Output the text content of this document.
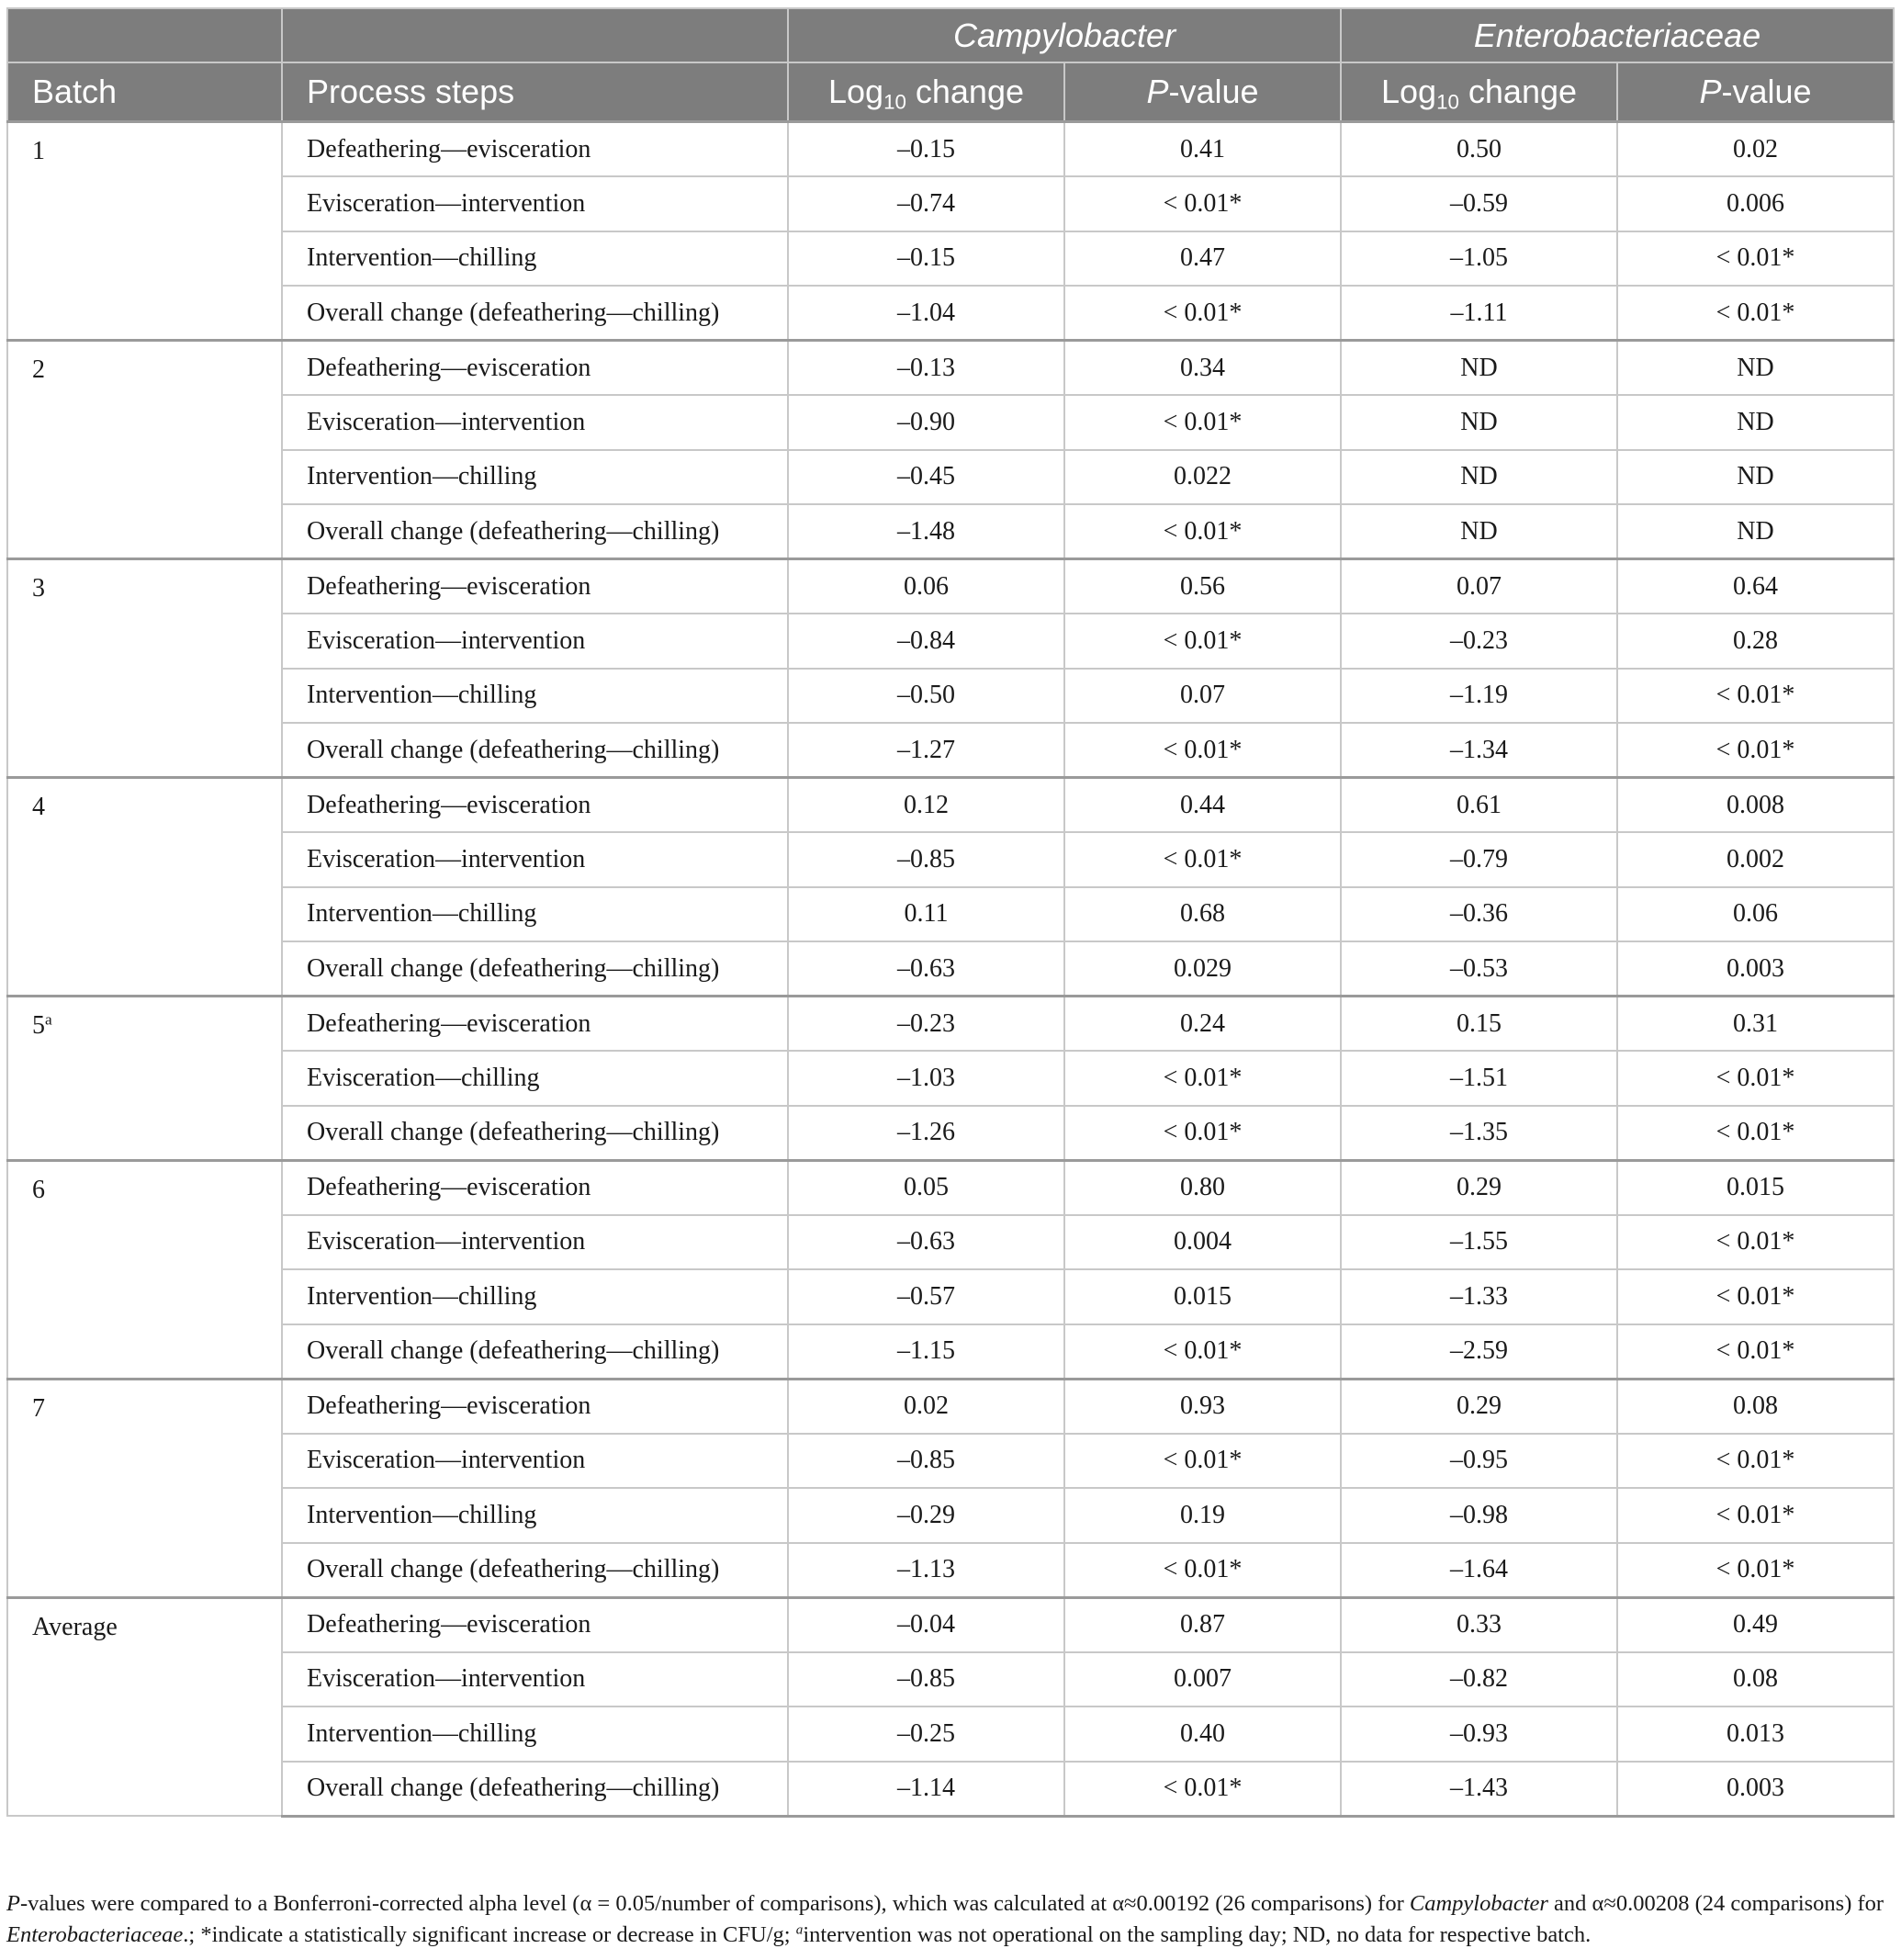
		Campylobacter		Enterobacteriaceae	
Batch	Process steps	Log$_{10}$ change	P-value	Log$_{10}$ change	P-value
1	Defeathering—evisceration	–0.15	0.41	0.50	0.02
	Evisceration—intervention	–0.74	< 0.01*	–0.59	0.006
	Intervention—chilling	–0.15	0.47	–1.05	< 0.01*
	Overall change (defeathering—chilling)	–1.04	< 0.01*	–1.11	< 0.01*
2	Defeathering—evisceration	–0.13	0.34	ND	ND
	Evisceration—intervention	–0.90	< 0.01*	ND	ND
	Intervention—chilling	–0.45	0.022	ND	ND
	Overall change (defeathering—chilling)	–1.48	< 0.01*	ND	ND
3	Defeathering—evisceration	0.06	0.56	0.07	0.64
	Evisceration—intervention	–0.84	< 0.01*	–0.23	0.28
	Intervention—chilling	–0.50	0.07	–1.19	< 0.01*
	Overall change (defeathering—chilling)	–1.27	< 0.01*	–1.34	< 0.01*
4	Defeathering—evisceration	0.12	0.44	0.61	0.008
	Evisceration—intervention	–0.85	< 0.01*	–0.79	0.002
	Intervention—chilling	0.11	0.68	–0.36	0.06
	Overall change (defeathering—chilling)	–0.63	0.029	–0.53	0.003
5$^a$	Defeathering—evisceration	–0.23	0.24	0.15	0.31
	Evisceration—chilling	–1.03	< 0.01*	–1.51	< 0.01*
	Overall change (defeathering—chilling)	–1.26	< 0.01*	–1.35	< 0.01*
6	Defeathering—evisceration	0.05	0.80	0.29	0.015
	Evisceration—intervention	–0.63	0.004	–1.55	< 0.01*
	Intervention—chilling	–0.57	0.015	–1.33	< 0.01*
	Overall change (defeathering—chilling)	–1.15	< 0.01*	–2.59	< 0.01*
7	Defeathering—evisceration	0.02	0.93	0.29	0.08
	Evisceration—intervention	–0.85	< 0.01*	–0.95	< 0.01*
	Intervention—chilling	–0.29	0.19	–0.98	< 0.01*
	Overall change (defeathering—chilling)	–1.13	< 0.01*	–1.64	< 0.01*
Average	Defeathering—evisceration	–0.04	0.87	0.33	0.49
	Evisceration—intervention	–0.85	0.007	–0.82	0.08
	Intervention—chilling	–0.25	0.40	–0.93	0.013
	Overall change (defeathering—chilling)	–1.14	< 0.01*	–1.43	0.003
P-values were compared to a Bonferroni-corrected alpha level (α = 0.05/number of comparisons), which was calculated at α≈0.00192 (26 comparisons) for Campylobacter and α≈0.00208 (24 comparisons) for Enterobacteriaceae.; *indicate a statistically significant increase or decrease in CFU/g; $^a$intervention was not operational on the sampling day; ND, no data for respective batch.
